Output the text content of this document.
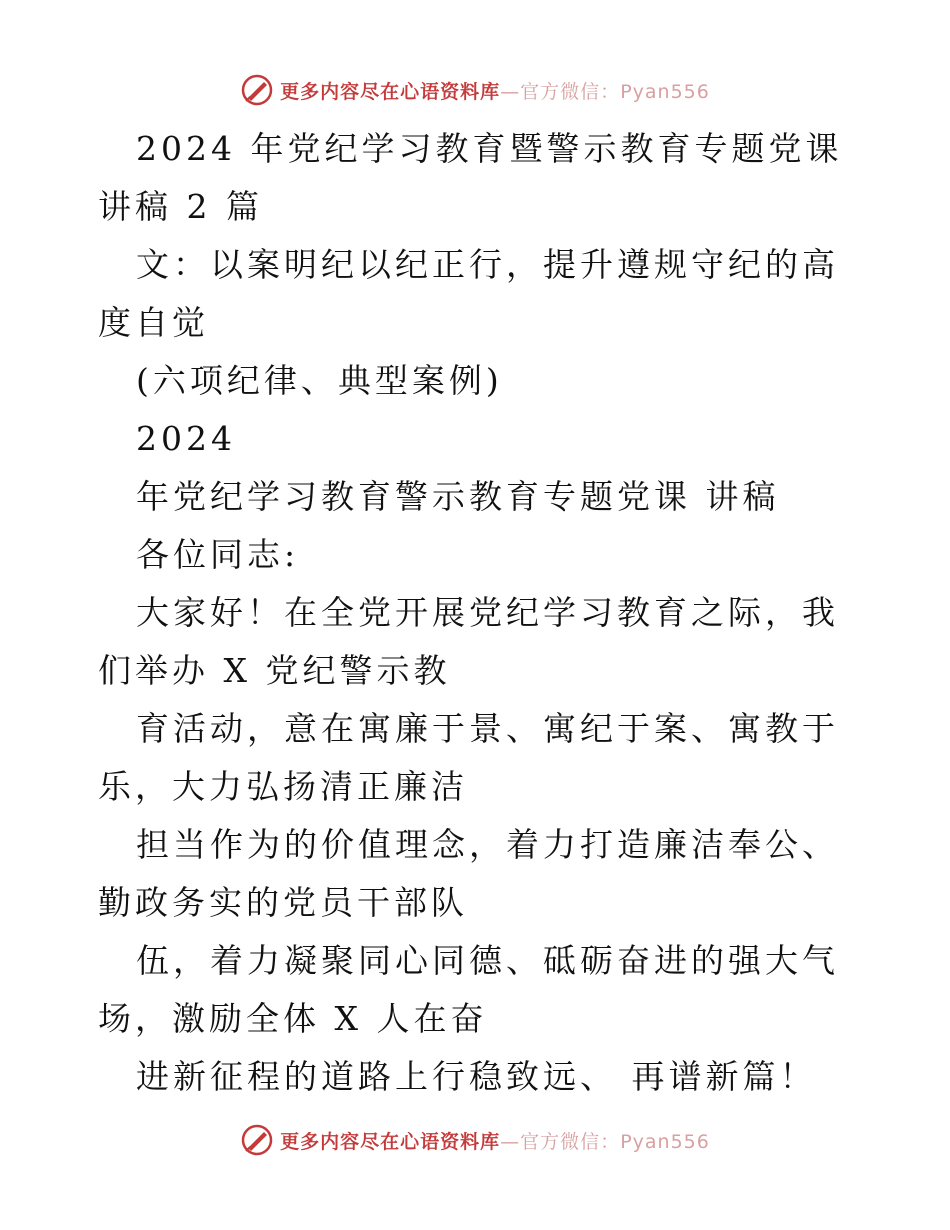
更多内容尽在心语资料库—官方微信：Pyan556

2024 年党纪学习教育暨警示教育专题党课讲稿 2 篇

文：以案明纪以纪正行，提升遵规守纪的高度自觉

(六项纪律、典型案例)

2024

年党纪学习教育警示教育专题党课 讲稿

各位同志:

大家好！在全党开展党纪学习教育之际，我们举办 X 党纪警示教

育活动，意在寓廉于景、寓纪于案、寓教于乐，大力弘扬清正廉洁

担当作为的价值理念，着力打造廉洁奉公、 勤政务实的党员干部队

伍，着力凝聚同心同德、砥砺奋进的强大气场，激励全体 X 人在奋

进新征程的道路上行稳致远、 再谱新篇！

更多内容尽在心语资料库—官方微信：Pyan556
